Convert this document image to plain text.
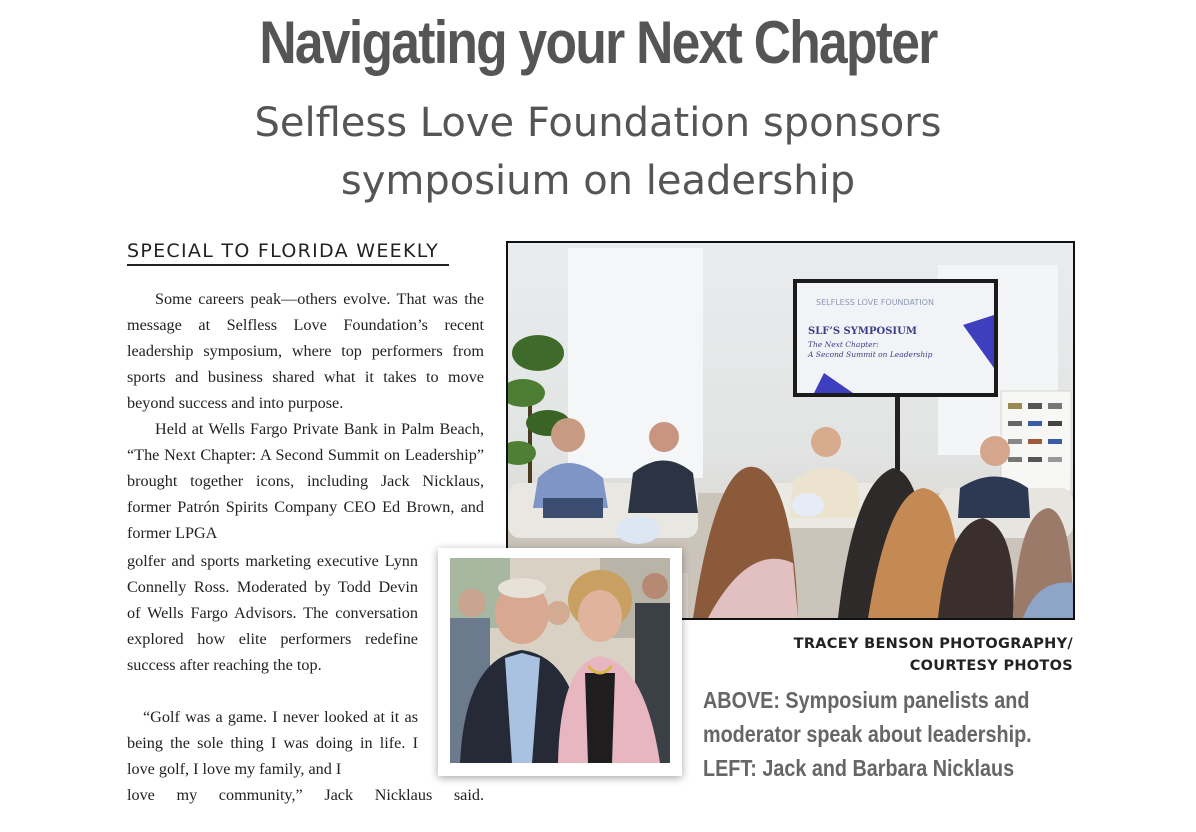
Navigating your Next Chapter
Selfless Love Foundation sponsors
symposium on leadership
SPECIAL TO FLORIDA WEEKLY

Some careers peak—others evolve. That was the message at Selfless Love Foundation’s recent leadership symposium, where top performers from sports and business shared what it takes to move beyond success and into purpose.

Held at Wells Fargo Private Bank in Palm Beach, “The Next Chapter: A Second Summit on Leadership” brought together icons, including Jack Nicklaus, former Patrón Spirits Company CEO Ed Brown, and former LPGA

golfer and sports marketing executive Lynn Connelly Ross. Moderated by Todd Devin of Wells Fargo Advisors. The conversation explored how elite performers redefine success after reaching the top.

“Golf was a game. I never looked at it as being the sole thing I was doing in life. I love golf, I love my family, and I

love my community,” Jack Nicklaus said.

SELFLESS LOVE FOUNDATION
SLF’S SYMPOSIUM
The Next Chapter:
A Second Summit on Leadership
TRACEY BENSON PHOTOGRAPHY/
COURTESY PHOTOS
ABOVE: Symposium panelists and
moderator speak about leadership.
LEFT: Jack and Barbara Nicklaus
